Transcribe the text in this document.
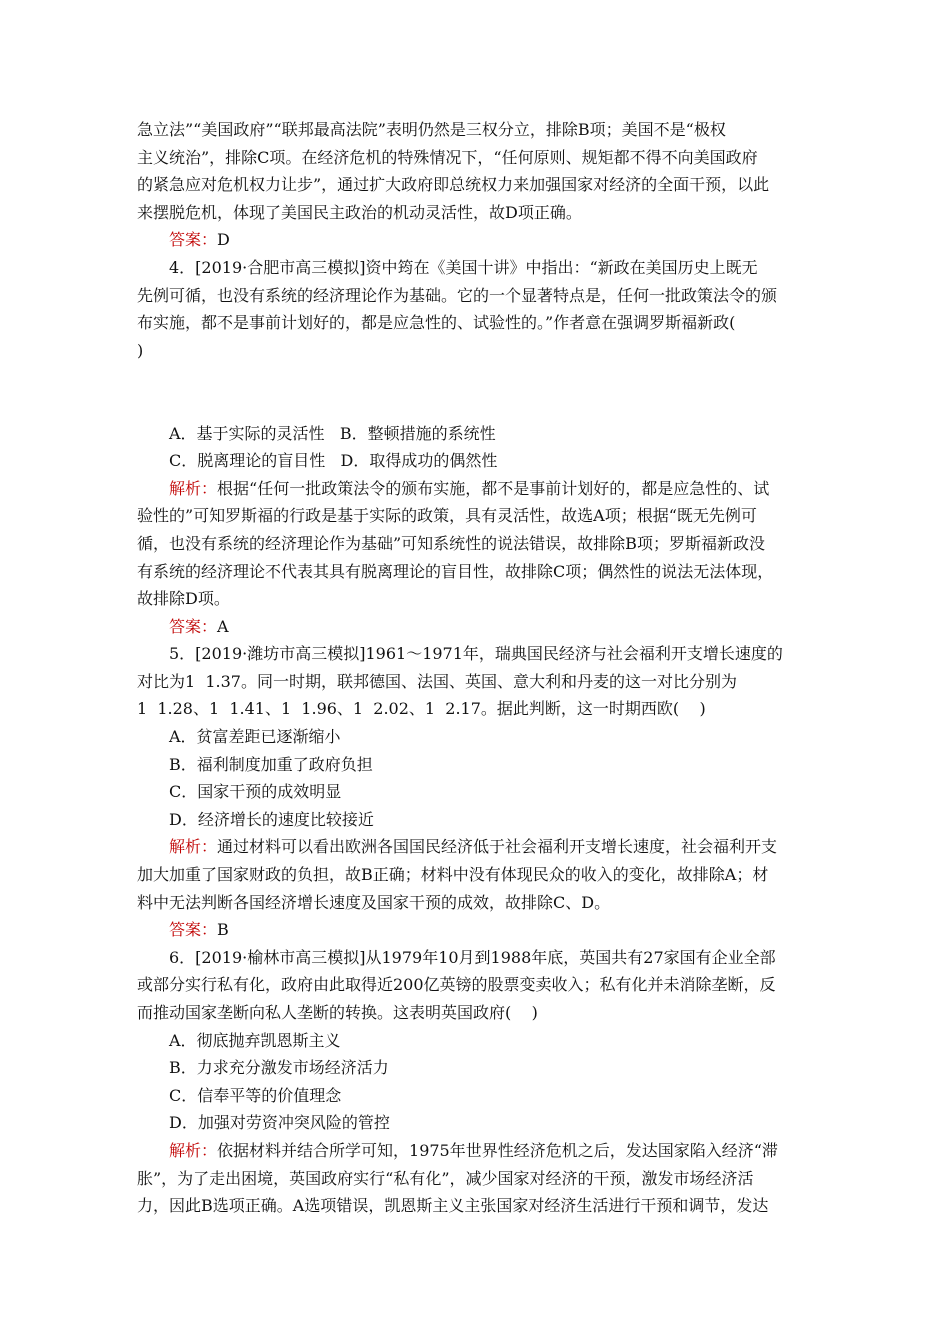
急立法”“美国政府”“联邦最高法院”表明仍然是三权分立，排除B项；美国不是“极权
主义统治”，排除C项。在经济危机的特殊情况下，“任何原则、规矩都不得不向美国政府
的紧急应对危机权力让步”，通过扩大政府即总统权力来加强国家对经济的全面干预，以此
来摆脱危机，体现了美国民主政治的机动灵活性，故D项正确。
答案：D
4．[2019·合肥市高三模拟]资中筠在《美国十讲》中指出：“新政在美国历史上既无
先例可循，也没有系统的经济理论作为基础。它的一个显著特点是，任何一批政策法令的颁
布实施，都不是事前计划好的，都是应急性的、试验性的。”作者意在强调罗斯福新政(
)
A．基于实际的灵活性   B．整顿措施的系统性
C．脱离理论的盲目性   D．取得成功的偶然性
解析：根据“任何一批政策法令的颁布实施，都不是事前计划好的，都是应急性的、试
验性的”可知罗斯福的行政是基于实际的政策，具有灵活性，故选A项；根据“既无先例可
循，也没有系统的经济理论作为基础”可知系统性的说法错误，故排除B项；罗斯福新政没
有系统的经济理论不代表其具有脱离理论的盲目性，故排除C项；偶然性的说法无法体现，
故排除D项。
答案：A
5．[2019·潍坊市高三模拟]1961～1971年，瑞典国民经济与社会福利开支增长速度的
对比为1  1.37。同一时期，联邦德国、法国、英国、意大利和丹麦的这一对比分别为
1  1.28、1  1.41、1  1.96、1  2.02、1  2.17。据此判断，这一时期西欧(    )
A．贫富差距已逐渐缩小
B．福利制度加重了政府负担
C．国家干预的成效明显
D．经济增长的速度比较接近
解析：通过材料可以看出欧洲各国国民经济低于社会福利开支增长速度，社会福利开支
加大加重了国家财政的负担，故B正确；材料中没有体现民众的收入的变化，故排除A；材
料中无法判断各国经济增长速度及国家干预的成效，故排除C、D。
答案：B
6．[2019·榆林市高三模拟]从1979年10月到1988年底，英国共有27家国有企业全部
或部分实行私有化，政府由此取得近200亿英镑的股票变卖收入；私有化并未消除垄断，反
而推动国家垄断向私人垄断的转换。这表明英国政府(    )
A．彻底抛弃凯恩斯主义
B．力求充分激发市场经济活力
C．信奉平等的价值理念
D．加强对劳资冲突风险的管控
解析：依据材料并结合所学可知，1975年世界性经济危机之后，发达国家陷入经济“滞
胀”，为了走出困境，英国政府实行“私有化”，减少国家对经济的干预，激发市场经济活
力，因此B选项正确。A选项错误，凯恩斯主义主张国家对经济生活进行干预和调节，发达
